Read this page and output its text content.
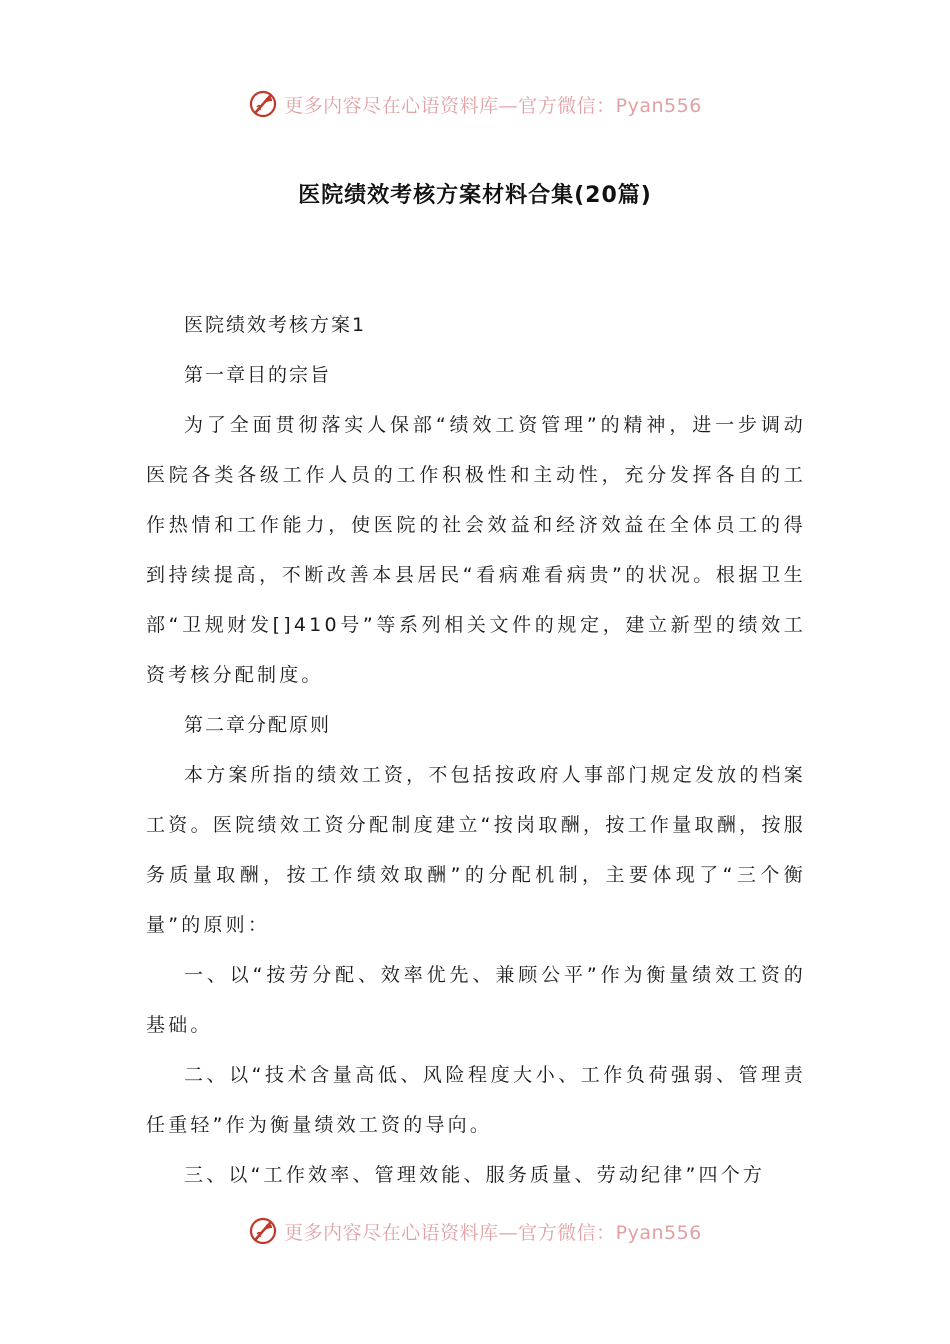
更多内容尽在心语资料库—官方微信：Pyan556
医院绩效考核方案材料合集(20篇)

医院绩效考核方案1

第一章目的宗旨

为了全面贯彻落实人保部“绩效工资管理”的精神，进一步调动医院各类各级工作人员的工作积极性和主动性，充分发挥各自的工作热情和工作能力，使医院的社会效益和经济效益在全体员工的得到持续提高，不断改善本县居民“看病难看病贵”的状况。根据卫生部“卫规财发[]410号”等系列相关文件的规定，建立新型的绩效工资考核分配制度。

第二章分配原则

本方案所指的绩效工资，不包括按政府人事部门规定发放的档案工资。医院绩效工资分配制度建立“按岗取酬，按工作量取酬，按服务质量取酬，按工作绩效取酬”的分配机制，主要体现了“三个衡量”的原则：

一、以“按劳分配、效率优先、兼顾公平”作为衡量绩效工资的基础。

二、以“技术含量高低、风险程度大小、工作负荷强弱、管理责任重轻”作为衡量绩效工资的导向。

三、以“工作效率、管理效能、服务质量、劳动纪律”四个方

更多内容尽在心语资料库—官方微信：Pyan556
